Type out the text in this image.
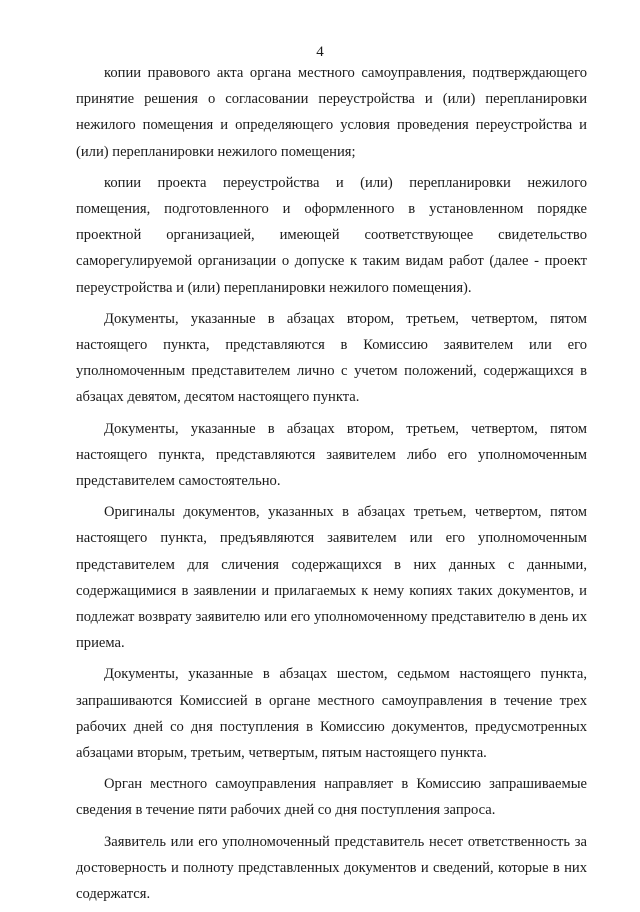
4

копии правового акта органа местного самоуправления, подтверждающего принятие решения о согласовании переустройства и (или) перепланировки нежилого помещения и определяющего условия проведения переустройства и (или) перепланировки нежилого помещения;

копии проекта переустройства и (или) перепланировки нежилого помещения, подготовленного и оформленного в установленном порядке проектной организацией, имеющей соответствующее свидетельство саморегулируемой организации о допуске к таким видам работ (далее - проект переустройства и (или) перепланировки нежилого помещения).

Документы, указанные в абзацах втором, третьем, четвертом, пятом настоящего пункта, представляются в Комиссию заявителем или его уполномоченным представителем лично с учетом положений, содержащихся в абзацах девятом, десятом настоящего пункта.

Документы, указанные в абзацах втором, третьем, четвертом, пятом настоящего пункта, представляются заявителем либо его уполномоченным представителем самостоятельно.

Оригиналы документов, указанных в абзацах третьем, четвертом, пятом настоящего пункта, предъявляются заявителем или его уполномоченным представителем для сличения содержащихся в них данных с данными, содержащимися в заявлении и прилагаемых к нему копиях таких документов, и подлежат возврату заявителю или его уполномоченному представителю в день их приема.

Документы, указанные в абзацах шестом, седьмом настоящего пункта, запрашиваются Комиссией в органе местного самоуправления в течение трех рабочих дней со дня поступления в Комиссию документов, предусмотренных абзацами вторым, третьим, четвертым, пятым настоящего пункта.

Орган местного самоуправления направляет в Комиссию запрашиваемые сведения в течение пяти рабочих дней со дня поступления запроса.

Заявитель или его уполномоченный представитель несет ответственность за достоверность и полноту представленных документов и сведений, которые в них содержатся.
